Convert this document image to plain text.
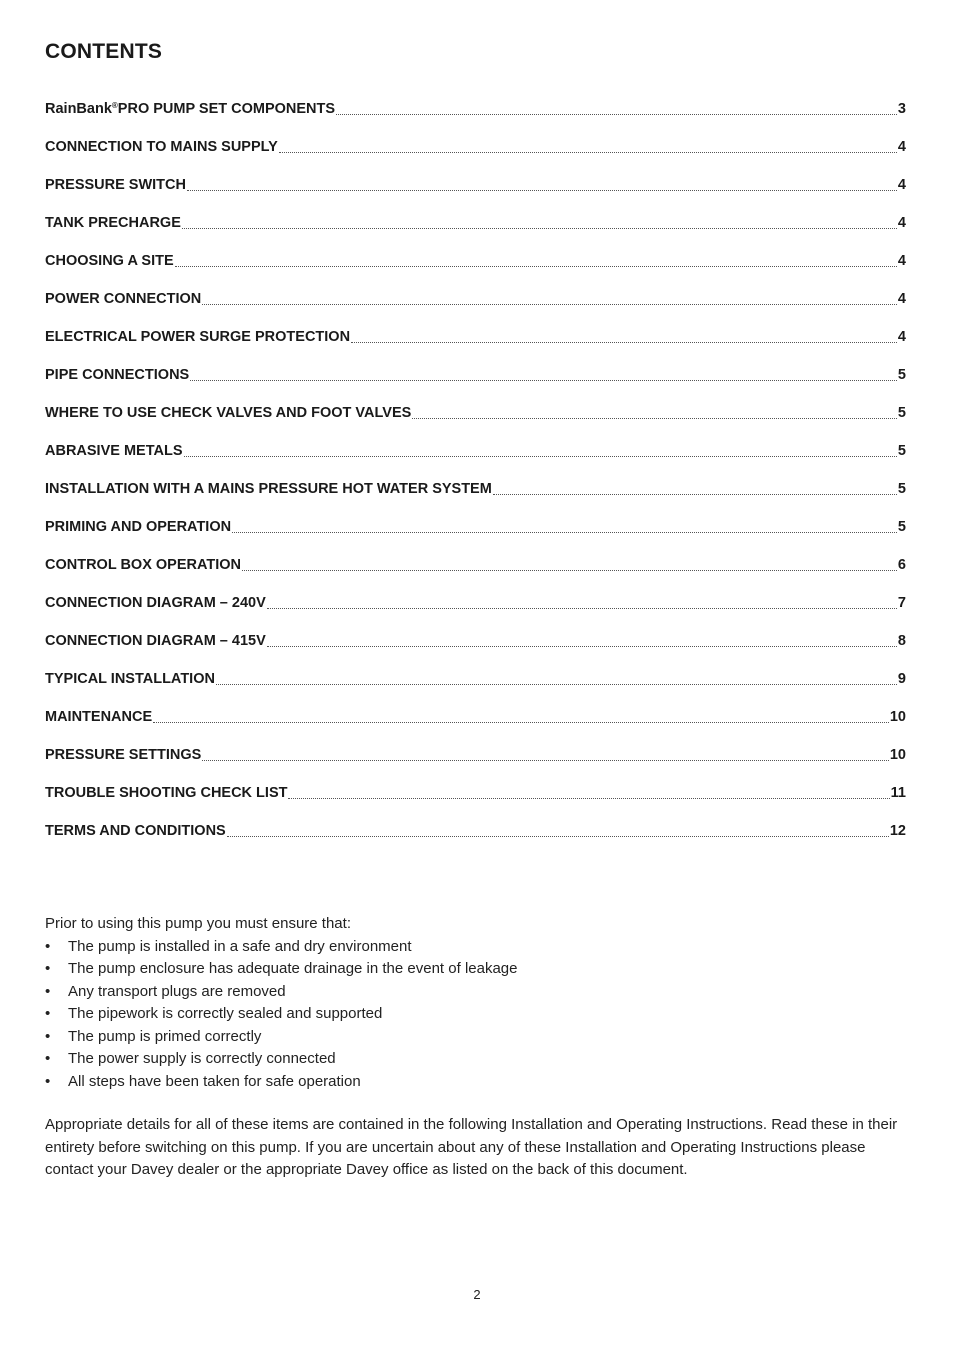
CONTENTS
RainBank®PRO PUMP SET COMPONENTS	3
CONNECTION TO MAINS SUPPLY	4
PRESSURE SWITCH	4
TANK PRECHARGE	4
CHOOSING A SITE	4
POWER CONNECTION	4
ELECTRICAL POWER SURGE PROTECTION	4
PIPE CONNECTIONS	5
WHERE TO USE CHECK VALVES AND FOOT VALVES	5
ABRASIVE METALS	5
INSTALLATION WITH A MAINS PRESSURE HOT WATER SYSTEM	5
PRIMING AND OPERATION	5
CONTROL BOX OPERATION	6
CONNECTION DIAGRAM – 240V	7
CONNECTION DIAGRAM – 415V	8
TYPICAL INSTALLATION	9
MAINTENANCE	10
PRESSURE SETTINGS	10
TROUBLE SHOOTING CHECK LIST	11
TERMS AND CONDITIONS	12
Prior to using this pump you must ensure that:
•	The pump is installed in a safe and dry environment
•	The pump enclosure has adequate drainage in the event of leakage
•	Any transport plugs are removed
•	The pipework is correctly sealed and supported
•	The pump is primed correctly
•	The power supply is correctly connected
•	All steps have been taken for safe operation
Appropriate details for all of these items are contained in the following Installation and Operating Instructions. Read these in their entirety before switching on this pump. If you are uncertain about any of these Installation and Operating Instructions please contact your Davey dealer or the appropriate Davey office as listed on the back of this document.
2
